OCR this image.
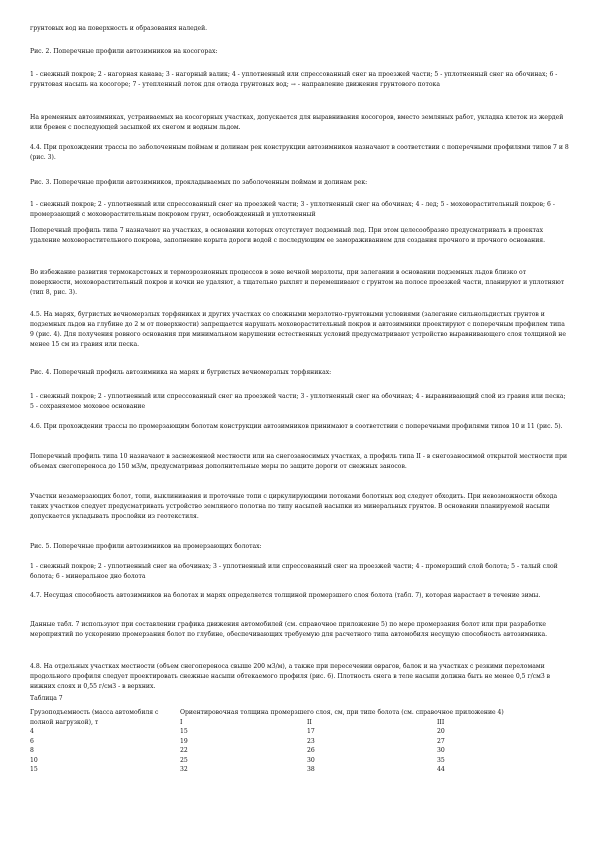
грунтовых вод на поверхность и образования наледей.

Рис. 2. Поперечные профили автозимников на косогорах:

1 - снежный покров; 2 - нагорная канава; 3 - нагорный валик; 4 - уплотненный или спрессованный снег на проезжей части; 5 - уплотненный снег на обочинах; 6 - грунтовая насыпь на косогоре; 7 - утепленный лоток для отвода грунтовых вод; → - направление движения грунтового потока

На временных автозимниках, устраиваемых на косогорных участках, допускается для выравнивания косогоров, вместо земляных работ, укладка клеток из жердей или бревен с последующей засыпкой их снегом и водным льдом.

4.4. При прохождении трассы по заболоченным поймам и долинам рек конструкции автозимников назначают в соответствии с поперечными профилями типов 7 и 8 (рис. 3).

Рис. 3. Поперечные профили автозимников, прокладываемых по заболоченным поймам и долинам рек:

1 - снежный покров; 2 - уплотненный или спрессованный снег на проезжей части; 3 - уплотненный снег на обочинах; 4 - лед; 5 - моховорастительный покров; 6 - промерзающий с моховорастительным покровом грунт, освобожденный и уплотненный

Поперечный профиль типа 7 назначают на участках, в основании которых отсутствует подземный лед. При этом целесообразно предусматривать в проектах удаление моховорастительного покрова, заполнение корыта дороги водой с последующим ее замораживанием для создания прочного и прочного основания.

Во избежание развития термокарстовых и термоэрозионных процессов в зоне вечной мерзлоты, при залегании в основании подземных льдов близко от поверхности, моховорастительный покров и кочки не удаляют, а тщательно рыхлят и перемешивают с грунтом на полосе проезжей части, планируют и уплотняют (тип 8, рис. 3).

4.5. На марях, бугристых вечномерзлых торфяниках и других участках со сложными мерзлотно-грунтовыми условиями (залегание сильнольдистых грунтов и подземных льдов на глубине до 2 м от поверхности) запрещается нарушать моховорастительный покров и автозимники проектируют с поперечным профилем типа 9 (рис. 4). Для получения ровного основания при минимальном нарушении естественных условий предусматривают устройство выравнивающего слоя толщиной не менее 15 см из гравия или песка.

Рис. 4. Поперечный профиль автозимника на марях и бугристых вечномерзлых торфяниках:

1 - снежный покров; 2 - уплотненный или спрессованный снег на проезжей части; 3 - уплотненный снег на обочинах; 4 - выравнивающий слой из гравия или песка; 5 - сохраняемое моховое основание

4.6. При прохождении трассы по промерзающим болотам конструкции автозимников принимают в соответствии с поперечными профилями типов 10 и 11 (рис. 5).

Поперечный профиль типа 10 назначают в заснеженной местности или на снегозаносимых участках, а профиль типа II - в снегозаносимой открытой местности при объемах снегопереноса до 150 м3/м, предусматривая дополнительные меры по защите дороги от снежных заносов.

Участки незамерзающих болот, топи, выклинивания и проточные топи с циркулирующими потоками болотных вод следует обходить. При невозможности обхода таких участков следует предусматривать устройство земляного полотна по типу насыпей насыпки из минеральных грунтов. В основании планируемой насыпи допускается укладывать прослойки из геотекстиля.

Рис. 5. Поперечные профили автозимников на промерзающих болотах:

1 - снежный покров; 2 - уплотненный снег на обочинах; 3 - уплотненный или спрессованный снег на проезжей части; 4 - промерзший слой болота; 5 - талый слой болота; 6 - минеральное дно болота

4.7. Несущая способность автозимников на болотах и марях определяется толщиной промерзшего слоя болота (табл. 7), которая нарастает в течение зимы.

Данные табл. 7 используют при составлении графика движения автомобилей (см. справочное приложение 5) по мере промерзания болот или при разработке мероприятий по ускорению промерзания болот по глубине, обеспечивающих требуемую для расчетного типа автомобиля несущую способность автозимника.

4.8. На отдельных участках местности (объем снегопереноса свыше 200 м3/м), а также при пересечении оврагов, балок и на участках с резкими переломами продольного профиля следует проектировать снежные насыпи обтекаемого профиля (рис. 6). Плотность снега в теле насыпи должна быть не менее 0,5 г/см3 в нижних слоях и 0,55 г/см3 - в верхних.

Таблица 7

Грузоподъемность (масса автомобиля с полной нагрузкой), т	Ориентировочная толщина промерзшего слоя, см, при типе болота (см. справочное приложение 4)		
	I	II	III
4	15	17	20
6	19	23	27
8	22	26	30
10	25	30	35
15	32	38	44
